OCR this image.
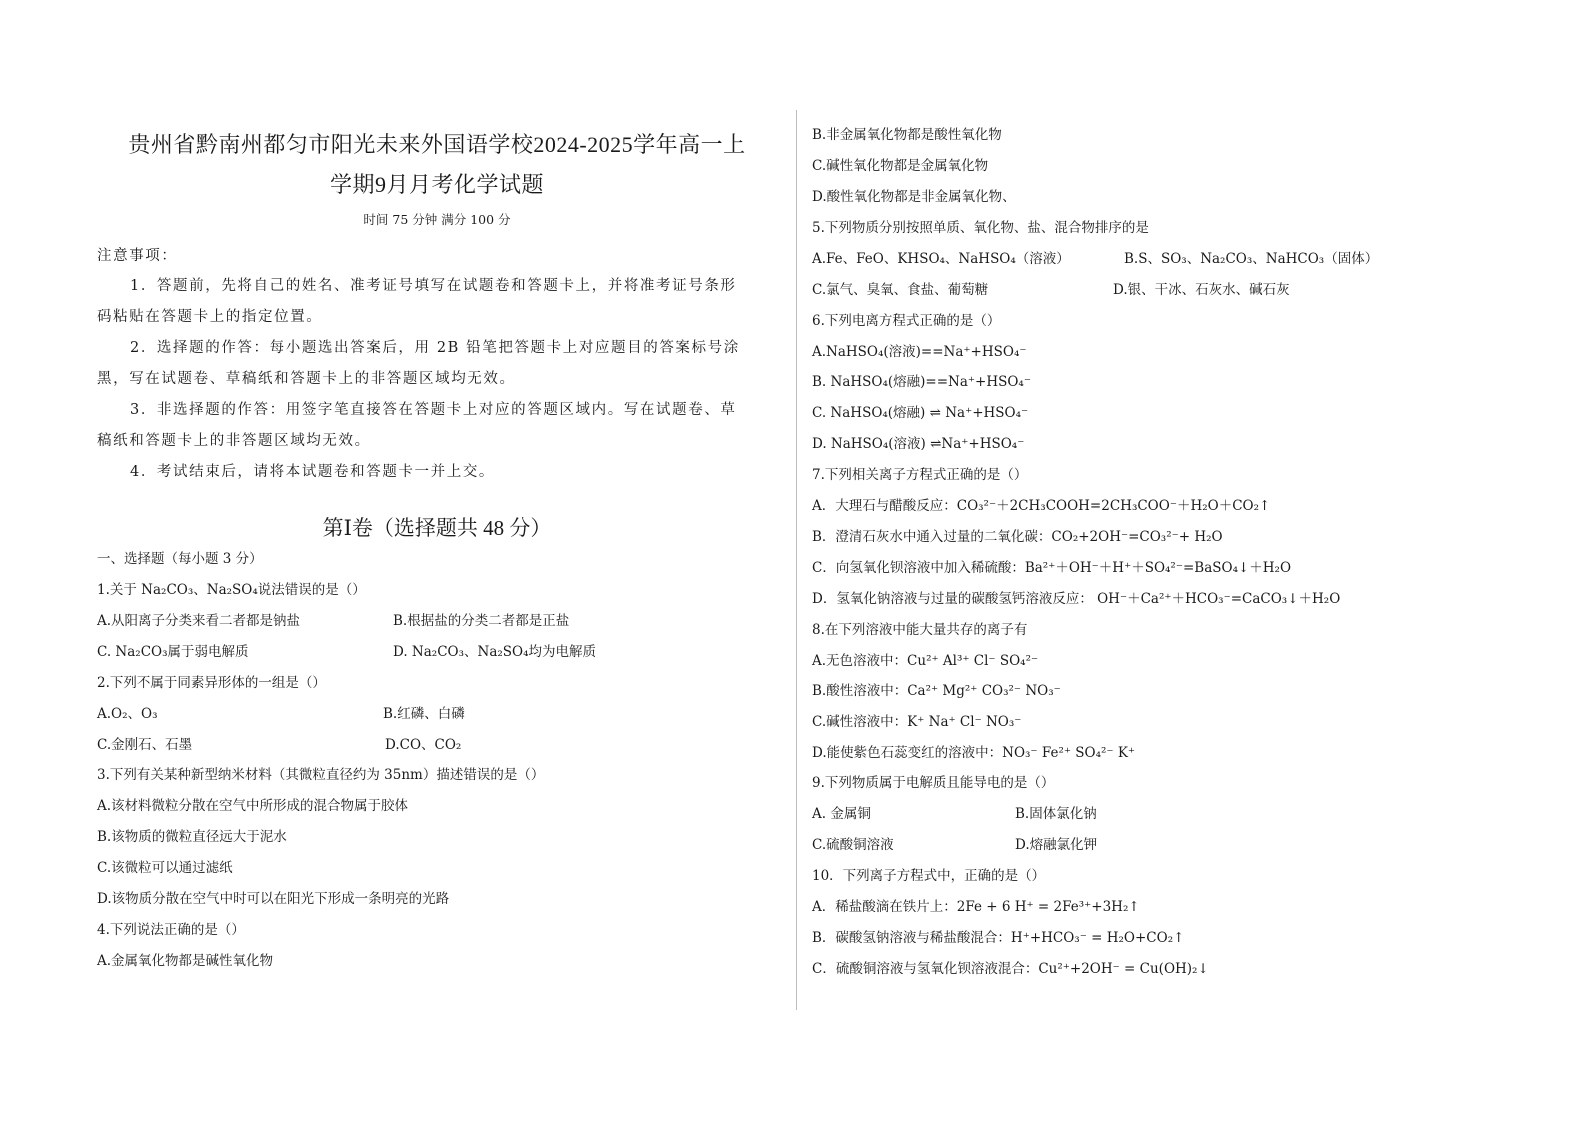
贵州省黔南州都匀市阳光未来外国语学校2024-2025学年高一上
学期9月月考化学试题
时间 75 分钟 满分 100 分
注意事项：
1．答题前，先将自己的姓名、准考证号填写在试题卷和答题卡上，并将准考证号条形
码粘贴在答题卡上的指定位置。
2．选择题的作答：每小题选出答案后，用 2B 铅笔把答题卡上对应题目的答案标号涂
黑，写在试题卷、草稿纸和答题卡上的非答题区域均无效。
3．非选择题的作答：用签字笔直接答在答题卡上对应的答题区域内。写在试题卷、草
稿纸和答题卡上的非答题区域均无效。
4．考试结束后，请将本试题卷和答题卡一并上交。
第Ⅰ卷（选择题共 48 分）
一、选择题（每小题 3 分）
1.关于 Na₂CO₃、Na₂SO₄说法错误的是（）
A.从阳离子分类来看二者都是钠盐	B.根据盐的分类二者都是正盐
C. Na₂CO₃属于弱电解质	D. Na₂CO₃、Na₂SO₄均为电解质
2.下列不属于同素异形体的一组是（）
A.O₂、O₃	B.红磷、白磷
C.金刚石、石墨	D.CO、CO₂
3.下列有关某种新型纳米材料（其微粒直径约为 35nm）描述错误的是（）
A.该材料微粒分散在空气中所形成的混合物属于胶体
B.该物质的微粒直径远大于泥水
C.该微粒可以通过滤纸
D.该物质分散在空气中时可以在阳光下形成一条明亮的光路
4.下列说法正确的是（）
A.金属氧化物都是碱性氧化物
B.非金属氧化物都是酸性氧化物
C.碱性氧化物都是金属氧化物
D.酸性氧化物都是非金属氧化物、
5.下列物质分别按照单质、氧化物、盐、混合物排序的是
A.Fe、FeO、KHSO₄、NaHSO₄（溶液）	B.S、SO₃、Na₂CO₃、NaHCO₃（固体）
C.氯气、臭氧、食盐、葡萄糖	D.银、干冰、石灰水、碱石灰
6.下列电离方程式正确的是（）
A.NaHSO₄(溶液)==Na⁺+HSO₄⁻
B. NaHSO₄(熔融)==Na⁺+HSO₄⁻
C. NaHSO₄(熔融) ⇌ Na⁺+HSO₄⁻
D. NaHSO₄(溶液) ⇌Na⁺+HSO₄⁻
7.下列相关离子方程式正确的是（）
A．大理石与醋酸反应：CO₃²⁻＋2CH₃COOH=2CH₃COO⁻＋H₂O＋CO₂↑
B．澄清石灰水中通入过量的二氧化碳：CO₂+2OH⁻=CO₃²⁻+ H₂O
C．向氢氧化钡溶液中加入稀硫酸：Ba²⁺＋OH⁻＋H⁺＋SO₄²⁻=BaSO₄↓＋H₂O
D．氢氧化钠溶液与过量的碳酸氢钙溶液反应： OH⁻＋Ca²⁺＋HCO₃⁻=CaCO₃↓＋H₂O
8.在下列溶液中能大量共存的离子有
A.无色溶液中：Cu²⁺ Al³⁺ Cl⁻ SO₄²⁻
B.酸性溶液中：Ca²⁺ Mg²⁺ CO₃²⁻ NO₃⁻
C.碱性溶液中：K⁺ Na⁺ Cl⁻ NO₃⁻
D.能使紫色石蕊变红的溶液中：NO₃⁻ Fe²⁺ SO₄²⁻ K⁺
9.下列物质属于电解质且能导电的是（）
A. 金属铜	B.固体氯化钠
C.硫酸铜溶液	D.熔融氯化钾
10．下列离子方程式中，正确的是（）
A．稀盐酸滴在铁片上：2Fe + 6 H⁺ = 2Fe³⁺+3H₂↑
B．碳酸氢钠溶液与稀盐酸混合：H⁺+HCO₃⁻ = H₂O+CO₂↑
C．硫酸铜溶液与氢氧化钡溶液混合：Cu²⁺+2OH⁻ = Cu(OH)₂↓
